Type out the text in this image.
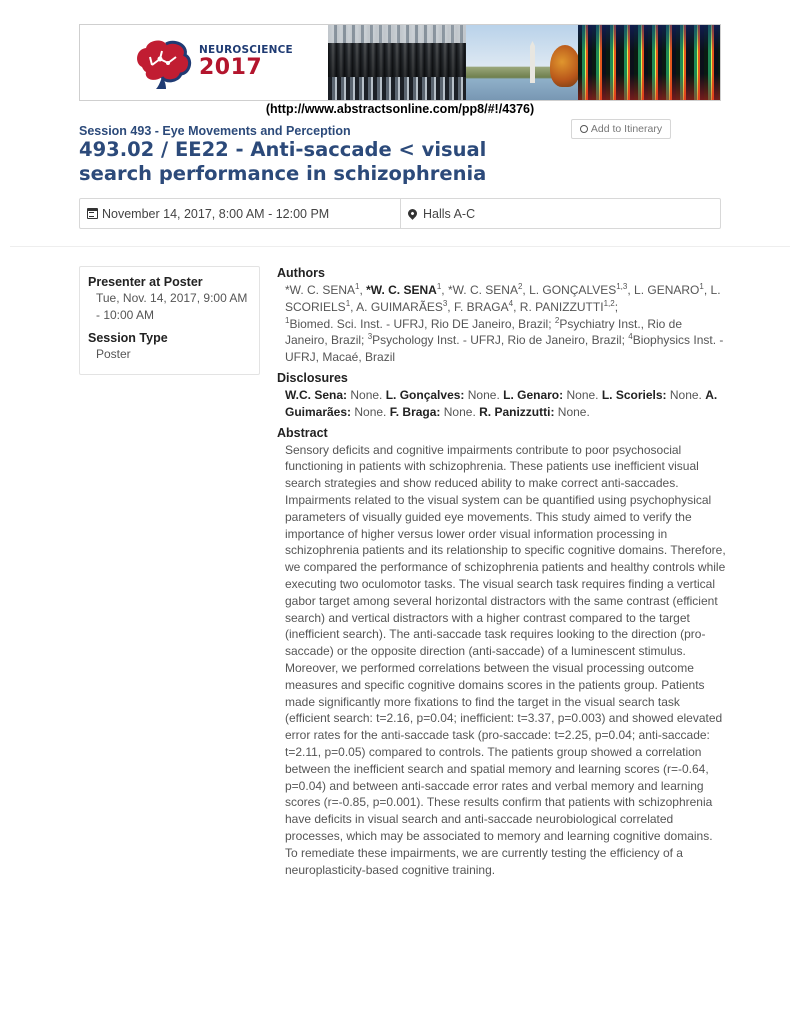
NEUROSCIENCE
2017
(http://www.abstractsonline.com/pp8/#!/4376)
Session 493 - Eye Movements and Perception	Add to Itinerary
493.02 / EE22 - Anti-saccade < visual search performance in schizophrenia
November 14, 2017, 8:00 AM - 12:00 PM	Halls A-C
Presenter at Poster
Tue, Nov. 14, 2017, 9:00 AM - 10:00 AM
Session Type
Poster
Authors
*W. C. SENA$^1$, *W. C. SENA$^1$, *W. C. SENA$^2$, L. GONÇALVES$^{1,3}$, L. GENARO$^1$, L. SCORIELS$^1$, A. GUIMARÃES$^3$, F. BRAGA$^4$, R. PANIZZUTTI$^{1,2}$;
$^1$Biomed. Sci. Inst. - UFRJ, Rio DE Janeiro, Brazil; $^2$Psychiatry Inst., Rio de Janeiro, Brazil; $^3$Psychology Inst. - UFRJ, Rio de Janeiro, Brazil; $^4$Biophysics Inst. - UFRJ, Macaé, Brazil
Disclosures
W.C. Sena: None. L. Gonçalves: None. L. Genaro: None. L. Scoriels: None. A. Guimarães: None. F. Braga: None. R. Panizzutti: None.
Abstract
Sensory deficits and cognitive impairments contribute to poor psychosocial functioning in patients with schizophrenia. These patients use inefficient visual search strategies and show reduced ability to make correct anti-saccades. Impairments related to the visual system can be quantified using psychophysical parameters of visually guided eye movements. This study aimed to verify the importance of higher versus lower order visual information processing in schizophrenia patients and its relationship to specific cognitive domains. Therefore, we compared the performance of schizophrenia patients and healthy controls while executing two oculomotor tasks. The visual search task requires finding a vertical gabor target among several horizontal distractors with the same contrast (efficient search) and vertical distractors with a higher contrast compared to the target (inefficient search). The anti-saccade task requires looking to the direction (pro-saccade) or the opposite direction (anti-saccade) of a luminescent stimulus. Moreover, we performed correlations between the visual processing outcome measures and specific cognitive domains scores in the patients group. Patients made significantly more fixations to find the target in the visual search task (efficient search: t=2.16, p=0.04; inefficient: t=3.37, p=0.003) and showed elevated error rates for the anti-saccade task (pro-saccade: t=2.25, p=0.04; anti-saccade: t=2.11, p=0.05) compared to controls. The patients group showed a correlation between the inefficient search and spatial memory and learning scores (r=-0.64, p=0.04) and between anti-saccade error rates and verbal memory and learning scores (r=-0.85, p=0.001). These results confirm that patients with schizophrenia have deficits in visual search and anti-saccade neurobiological correlated processes, which may be associated to memory and learning cognitive domains. To remediate these impairments, we are currently testing the efficiency of a neuroplasticity-based cognitive training.
